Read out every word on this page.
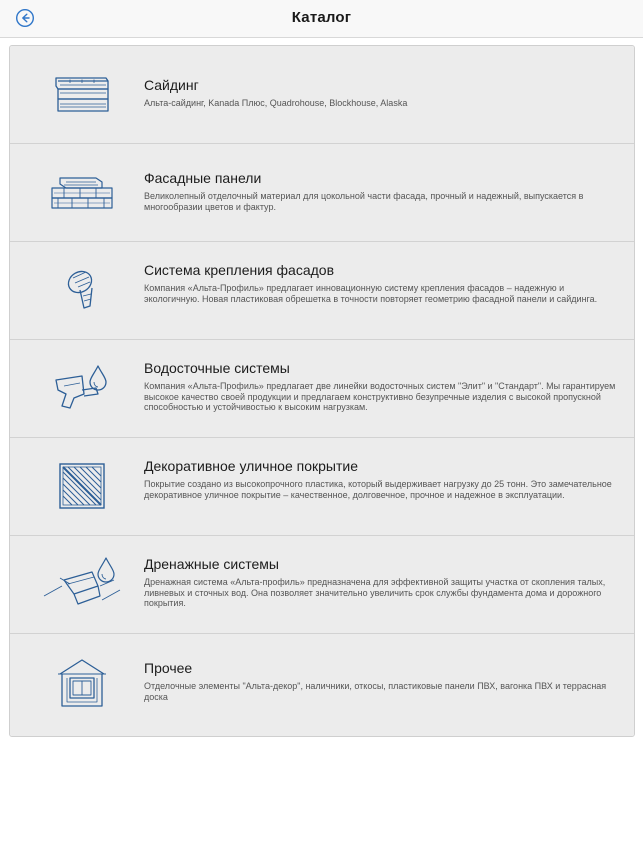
Каталог

Сайдинг

Альта-сайдинг, Kanada Плюс, Quadrohouse, Blockhouse, Alaska

Фасадные панели

Великолепный отделочный материал для цокольной части фасада, прочный и надежный, выпускается в многообразии цветов и фактур.

Система крепления фасадов

Компания «Альта-Профиль» предлагает инновационную систему крепления фасадов – надежную и экологичную. Новая пластиковая обрешетка в точности повторяет геометрию фасадной панели и сайдинга.

Водосточные системы

Компания «Альта-Профиль» предлагает две линейки водосточных систем "Элит" и "Стандарт". Мы гарантируем высокое качество своей продукции и предлагаем конструктивно безупречные изделия с высокой пропускной способностью и устойчивостью к высоким нагрузкам.

Декоративное уличное покрытие

Покрытие создано из высокопрочного пластика, который выдерживает нагрузку до 25 тонн. Это замечательное декоративное уличное покрытие – качественное, долговечное, прочное и надежное в эксплуатации.

Дренажные системы

Дренажная система «Альта-профиль» предназначена для эффективной защиты участка от скопления талых, ливневых и сточных вод. Она позволяет значительно увеличить срок службы фундамента дома и дорожного покрытия.

Прочее

Отделочные элементы "Альта-декор", наличники, откосы, пластиковые панели ПВХ, вагонка ПВХ и террасная доска
